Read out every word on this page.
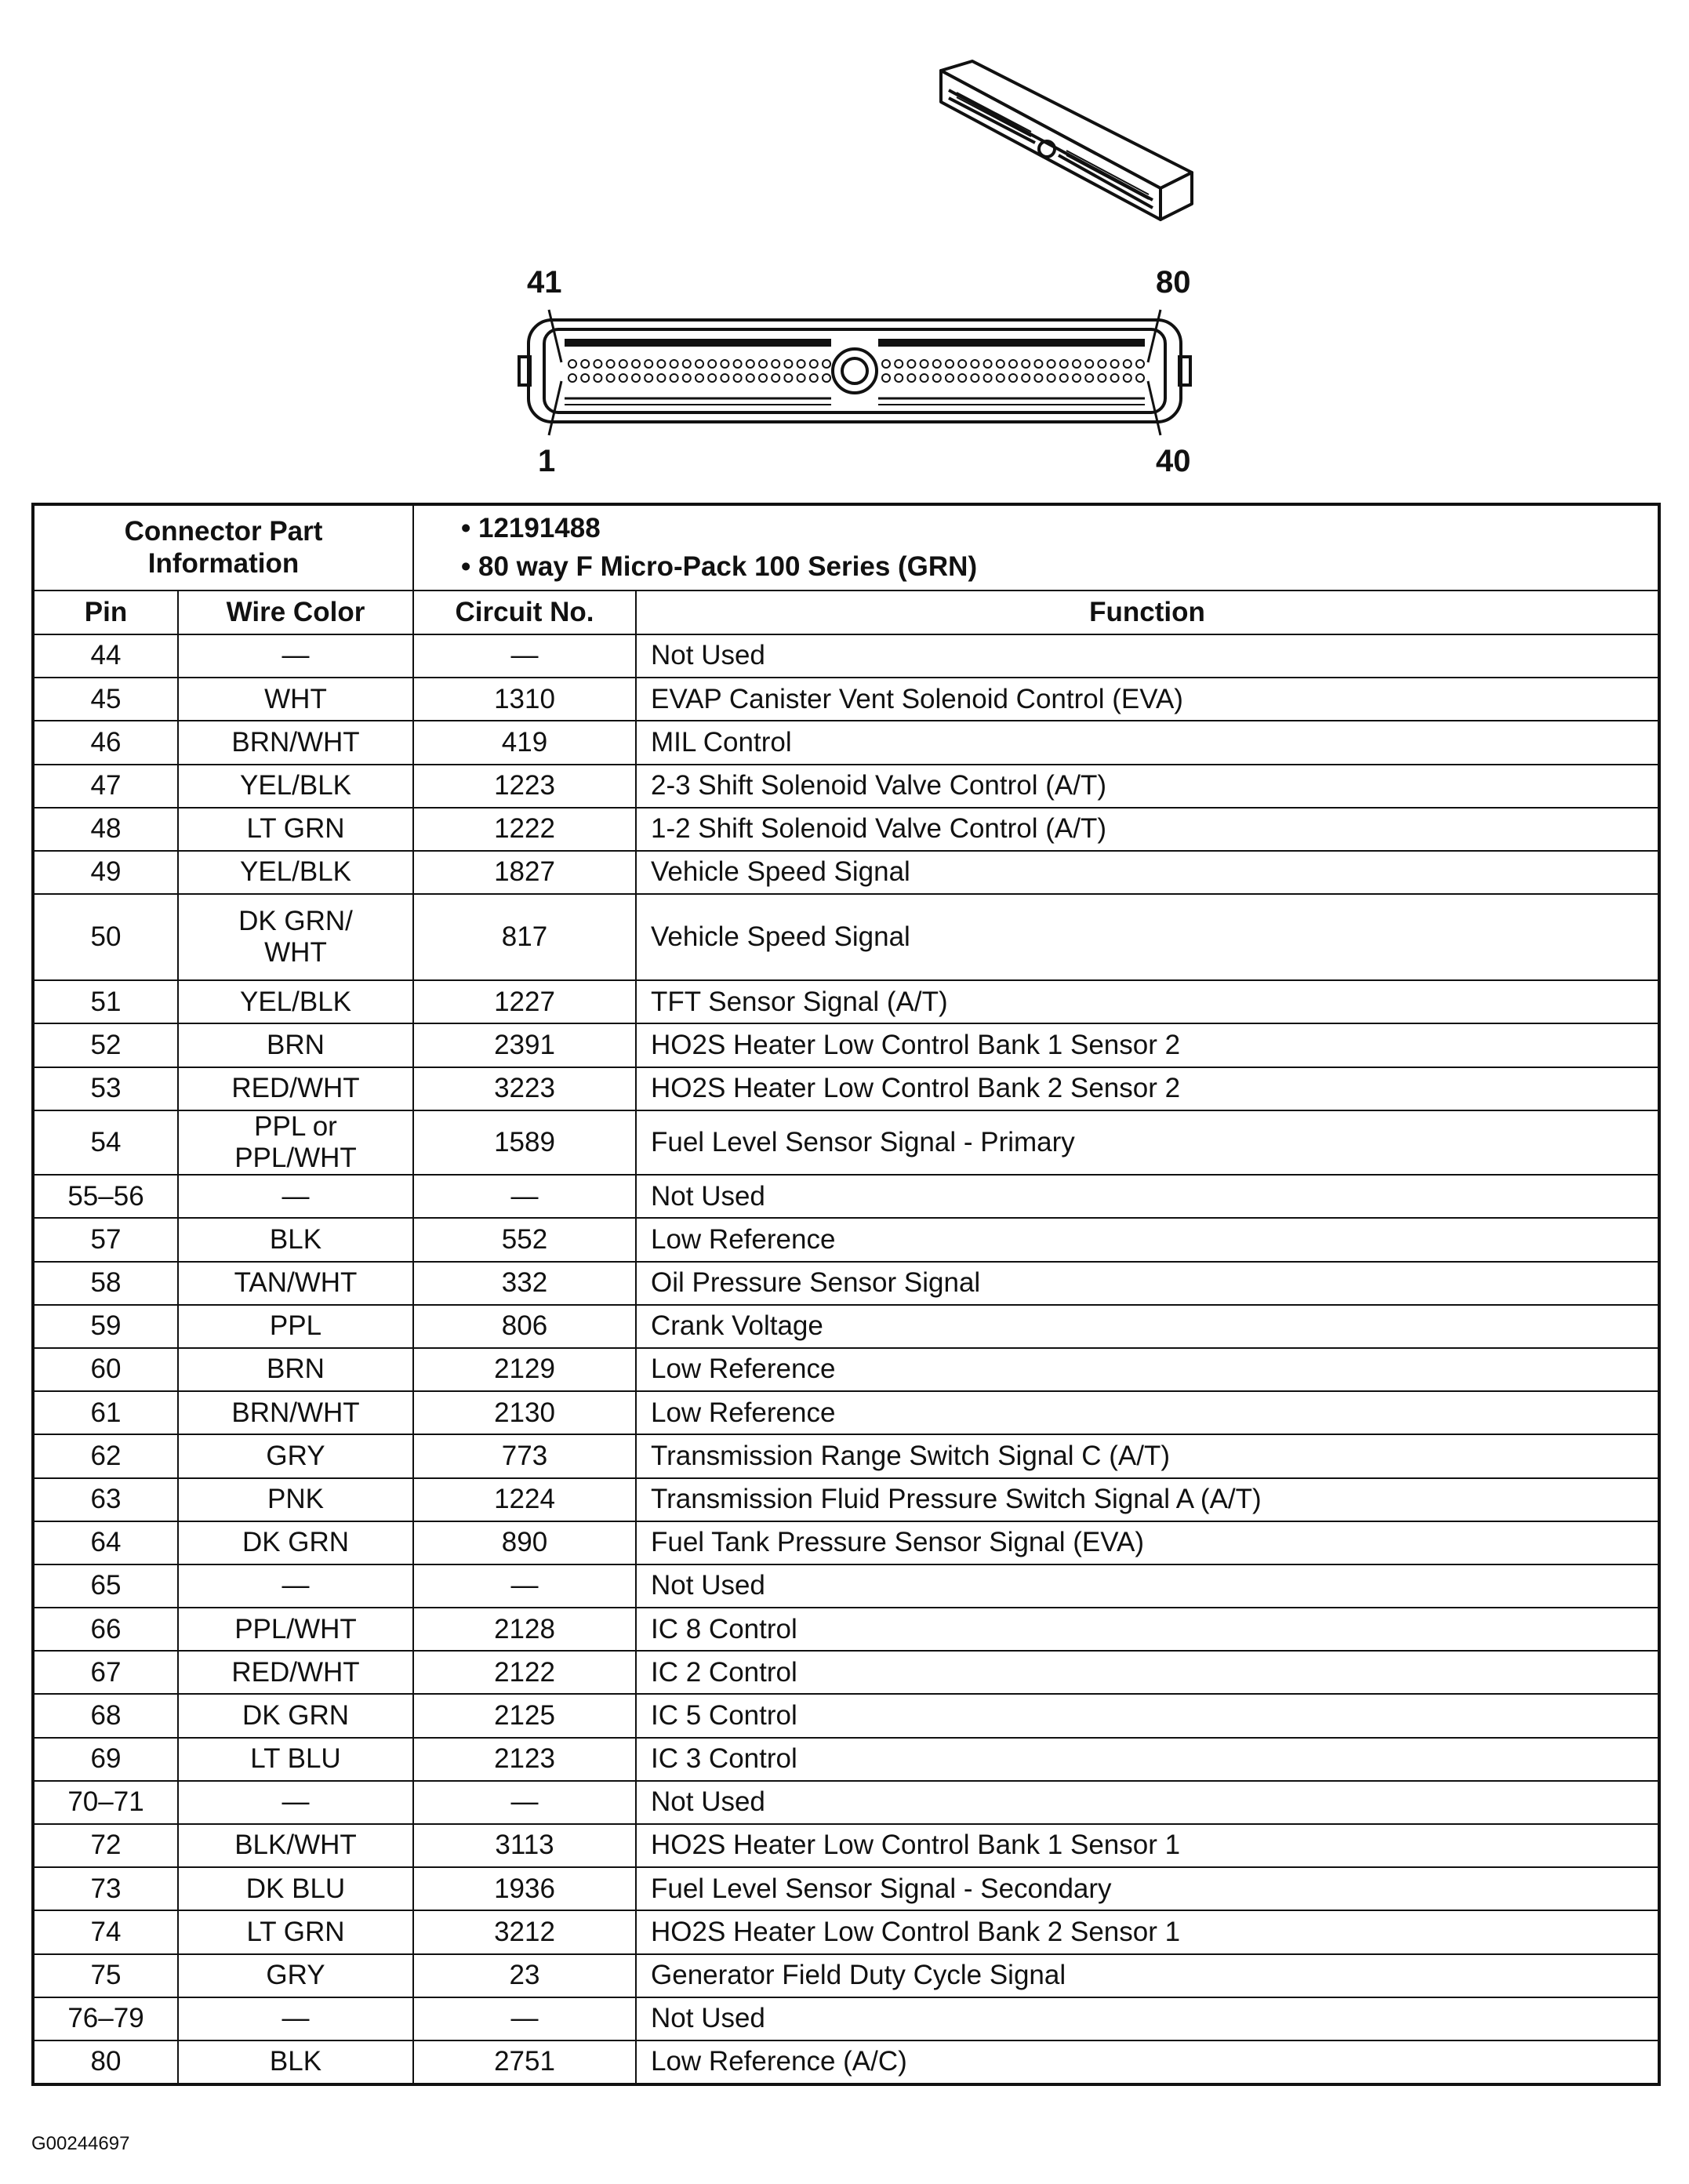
41	80
1	40
Connector Part Information		• 12191488
• 80 way F Micro-Pack 100 Series (GRN)	

Pin	Wire Color	Circuit No.	Function
44	—	—	Not Used
45	WHT	1310	EVAP Canister Vent Solenoid Control (EVA)
46	BRN/WHT	419	MIL Control
47	YEL/BLK	1223	2-3 Shift Solenoid Valve Control (A/T)
48	LT GRN	1222	1-2 Shift Solenoid Valve Control (A/T)
49	YEL/BLK	1827	Vehicle Speed Signal
50	DK GRN/
WHT	817	Vehicle Speed Signal
51	YEL/BLK	1227	TFT Sensor Signal (A/T)
52	BRN	2391	HO2S Heater Low Control Bank 1 Sensor 2
53	RED/WHT	3223	HO2S Heater Low Control Bank 2 Sensor 2
54	PPL or PPL/WHT	1589	Fuel Level Sensor Signal - Primary
55–56	—	—	Not Used
57	BLK	552	Low Reference
58	TAN/WHT	332	Oil Pressure Sensor Signal
59	PPL	806	Crank Voltage
60	BRN	2129	Low Reference
61	BRN/WHT	2130	Low Reference
62	GRY	773	Transmission Range Switch Signal C (A/T)
63	PNK	1224	Transmission Fluid Pressure Switch Signal A (A/T)
64	DK GRN	890	Fuel Tank Pressure Sensor Signal (EVA)
65	—	—	Not Used
66	PPL/WHT	2128	IC 8 Control
67	RED/WHT	2122	IC 2 Control
68	DK GRN	2125	IC 5 Control
69	LT BLU	2123	IC 3 Control
70–71	—	—	Not Used
72	BLK/WHT	3113	HO2S Heater Low Control Bank 1 Sensor 1
73	DK BLU	1936	Fuel Level Sensor Signal - Secondary
74	LT GRN	3212	HO2S Heater Low Control Bank 2 Sensor 1
75	GRY	23	Generator Field Duty Cycle Signal
76–79	—	—	Not Used
80	BLK	2751	Low Reference (A/C)
G00244697
